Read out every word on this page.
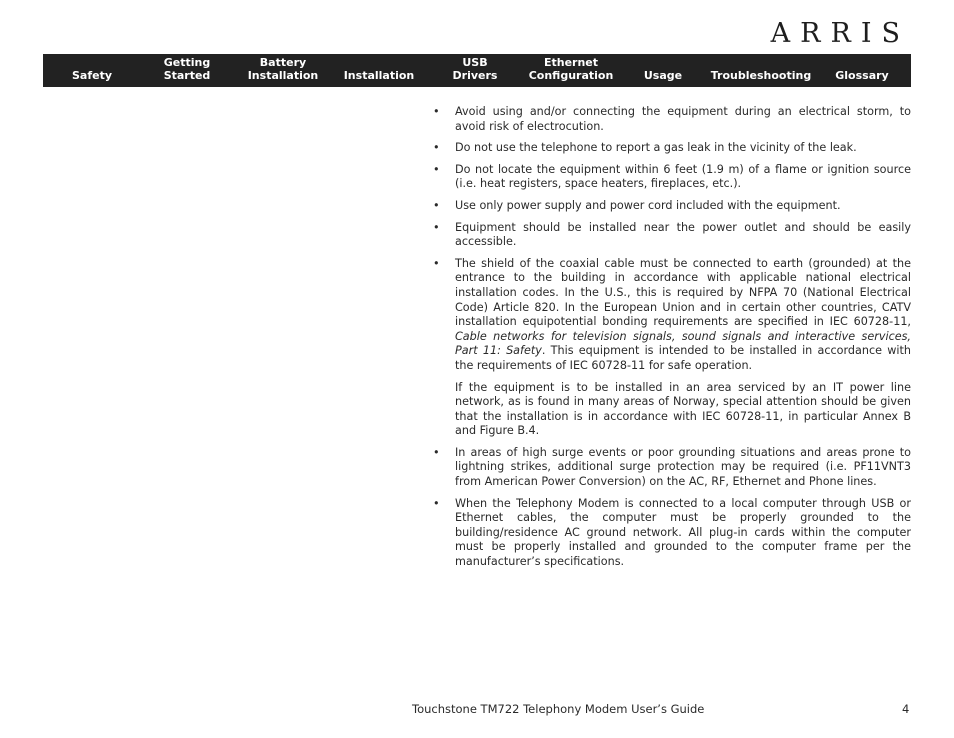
ARRIS
Safety
Getting
Started
Battery
Installation	Installation
USB
Drivers
Ethernet
Configuration	Usage	Troubleshooting	Glossary
• Avoid using and/or connecting the equipment during an electrical storm, to avoid risk of electrocution.

• Do not use the telephone to report a gas leak in the vicinity of the leak.

• Do not locate the equipment within 6 feet (1.9 m) of a flame or ignition source (i.e. heat registers, space heaters, fireplaces, etc.).

• Use only power supply and power cord included with the equipment.

• Equipment should be installed near the power outlet and should be easily accessible.

• The shield of the coaxial cable must be connected to earth (grounded) at the entrance to the building in accordance with applicable national electrical installation codes. In the U.S., this is required by NFPA 70 (National Electrical Code) Article 820. In the European Union and in certain other countries, CATV installation equipotential bonding requirements are specified in IEC 60728-11, Cable networks for television signals, sound signals and interactive services, Part 11: Safety. This equipment is intended to be installed in accordance with the requirements of IEC 60728-11 for safe operation.

If the equipment is to be installed in an area serviced by an IT power line network, as is found in many areas of Norway, special attention should be given that the installation is in accordance with IEC 60728-11, in particular Annex B and Figure B.4.

• In areas of high surge events or poor grounding situations and areas prone to lightning strikes, additional surge protection may be required (i.e. PF11VNT3 from American Power Conversion) on the AC, RF, Ethernet and Phone lines.

• When the Telephony Modem is connected to a local computer through USB or Ethernet cables, the computer must be properly grounded to the building/residence AC ground network. All plug-in cards within the computer must be properly installed and grounded to the computer frame per the manufacturer’s specifications.

Touchstone TM722 Telephony Modem User’s Guide	4
